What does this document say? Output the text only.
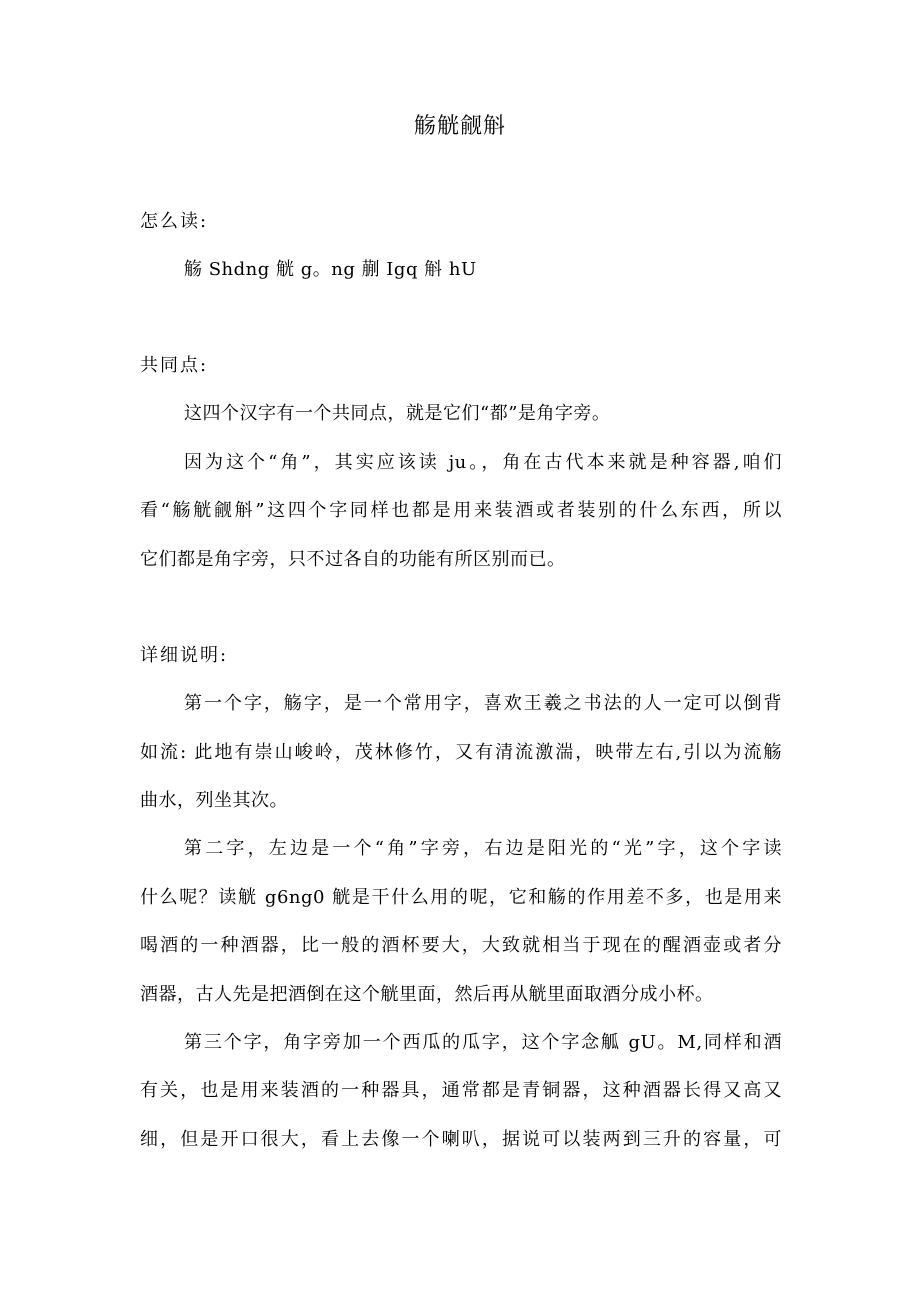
觞觥觎斛
怎么读:
觞 Shdng 觥 g。ng 蒯 Igq 斛 hU
共同点:
这四个汉字有一个共同点，就是它们“都”是角字旁。
因为这个“角”，其实应该读 ju。，角在古代本来就是种容器,咱们
看“觞觥觎斛”这四个字同样也都是用来装酒或者装别的什么东西，所以
它们都是角字旁，只不过各自的功能有所区别而已。
详细说明:
第一个字，觞字，是一个常用字，喜欢王羲之书法的人一定可以倒背
如流: 此地有崇山峻岭，茂林修竹，又有清流激湍，映带左右,引以为流觞
曲水，列坐其次。
第二字，左边是一个“角”字旁，右边是阳光的“光”字，这个字读
什么呢？读觥 g6ng0 觥是干什么用的呢，它和觞的作用差不多，也是用来
喝酒的一种酒器，比一般的酒杯要大，大致就相当于现在的醒酒壶或者分
酒器，古人先是把酒倒在这个觥里面，然后再从觥里面取酒分成小杯。
第三个字，角字旁加一个西瓜的瓜字，这个字念觚 gU。M,同样和酒
有关，也是用来装酒的一种器具，通常都是青铜器，这种酒器长得又高又
细，但是开口很大，看上去像一个喇叭，据说可以装两到三升的容量，可
